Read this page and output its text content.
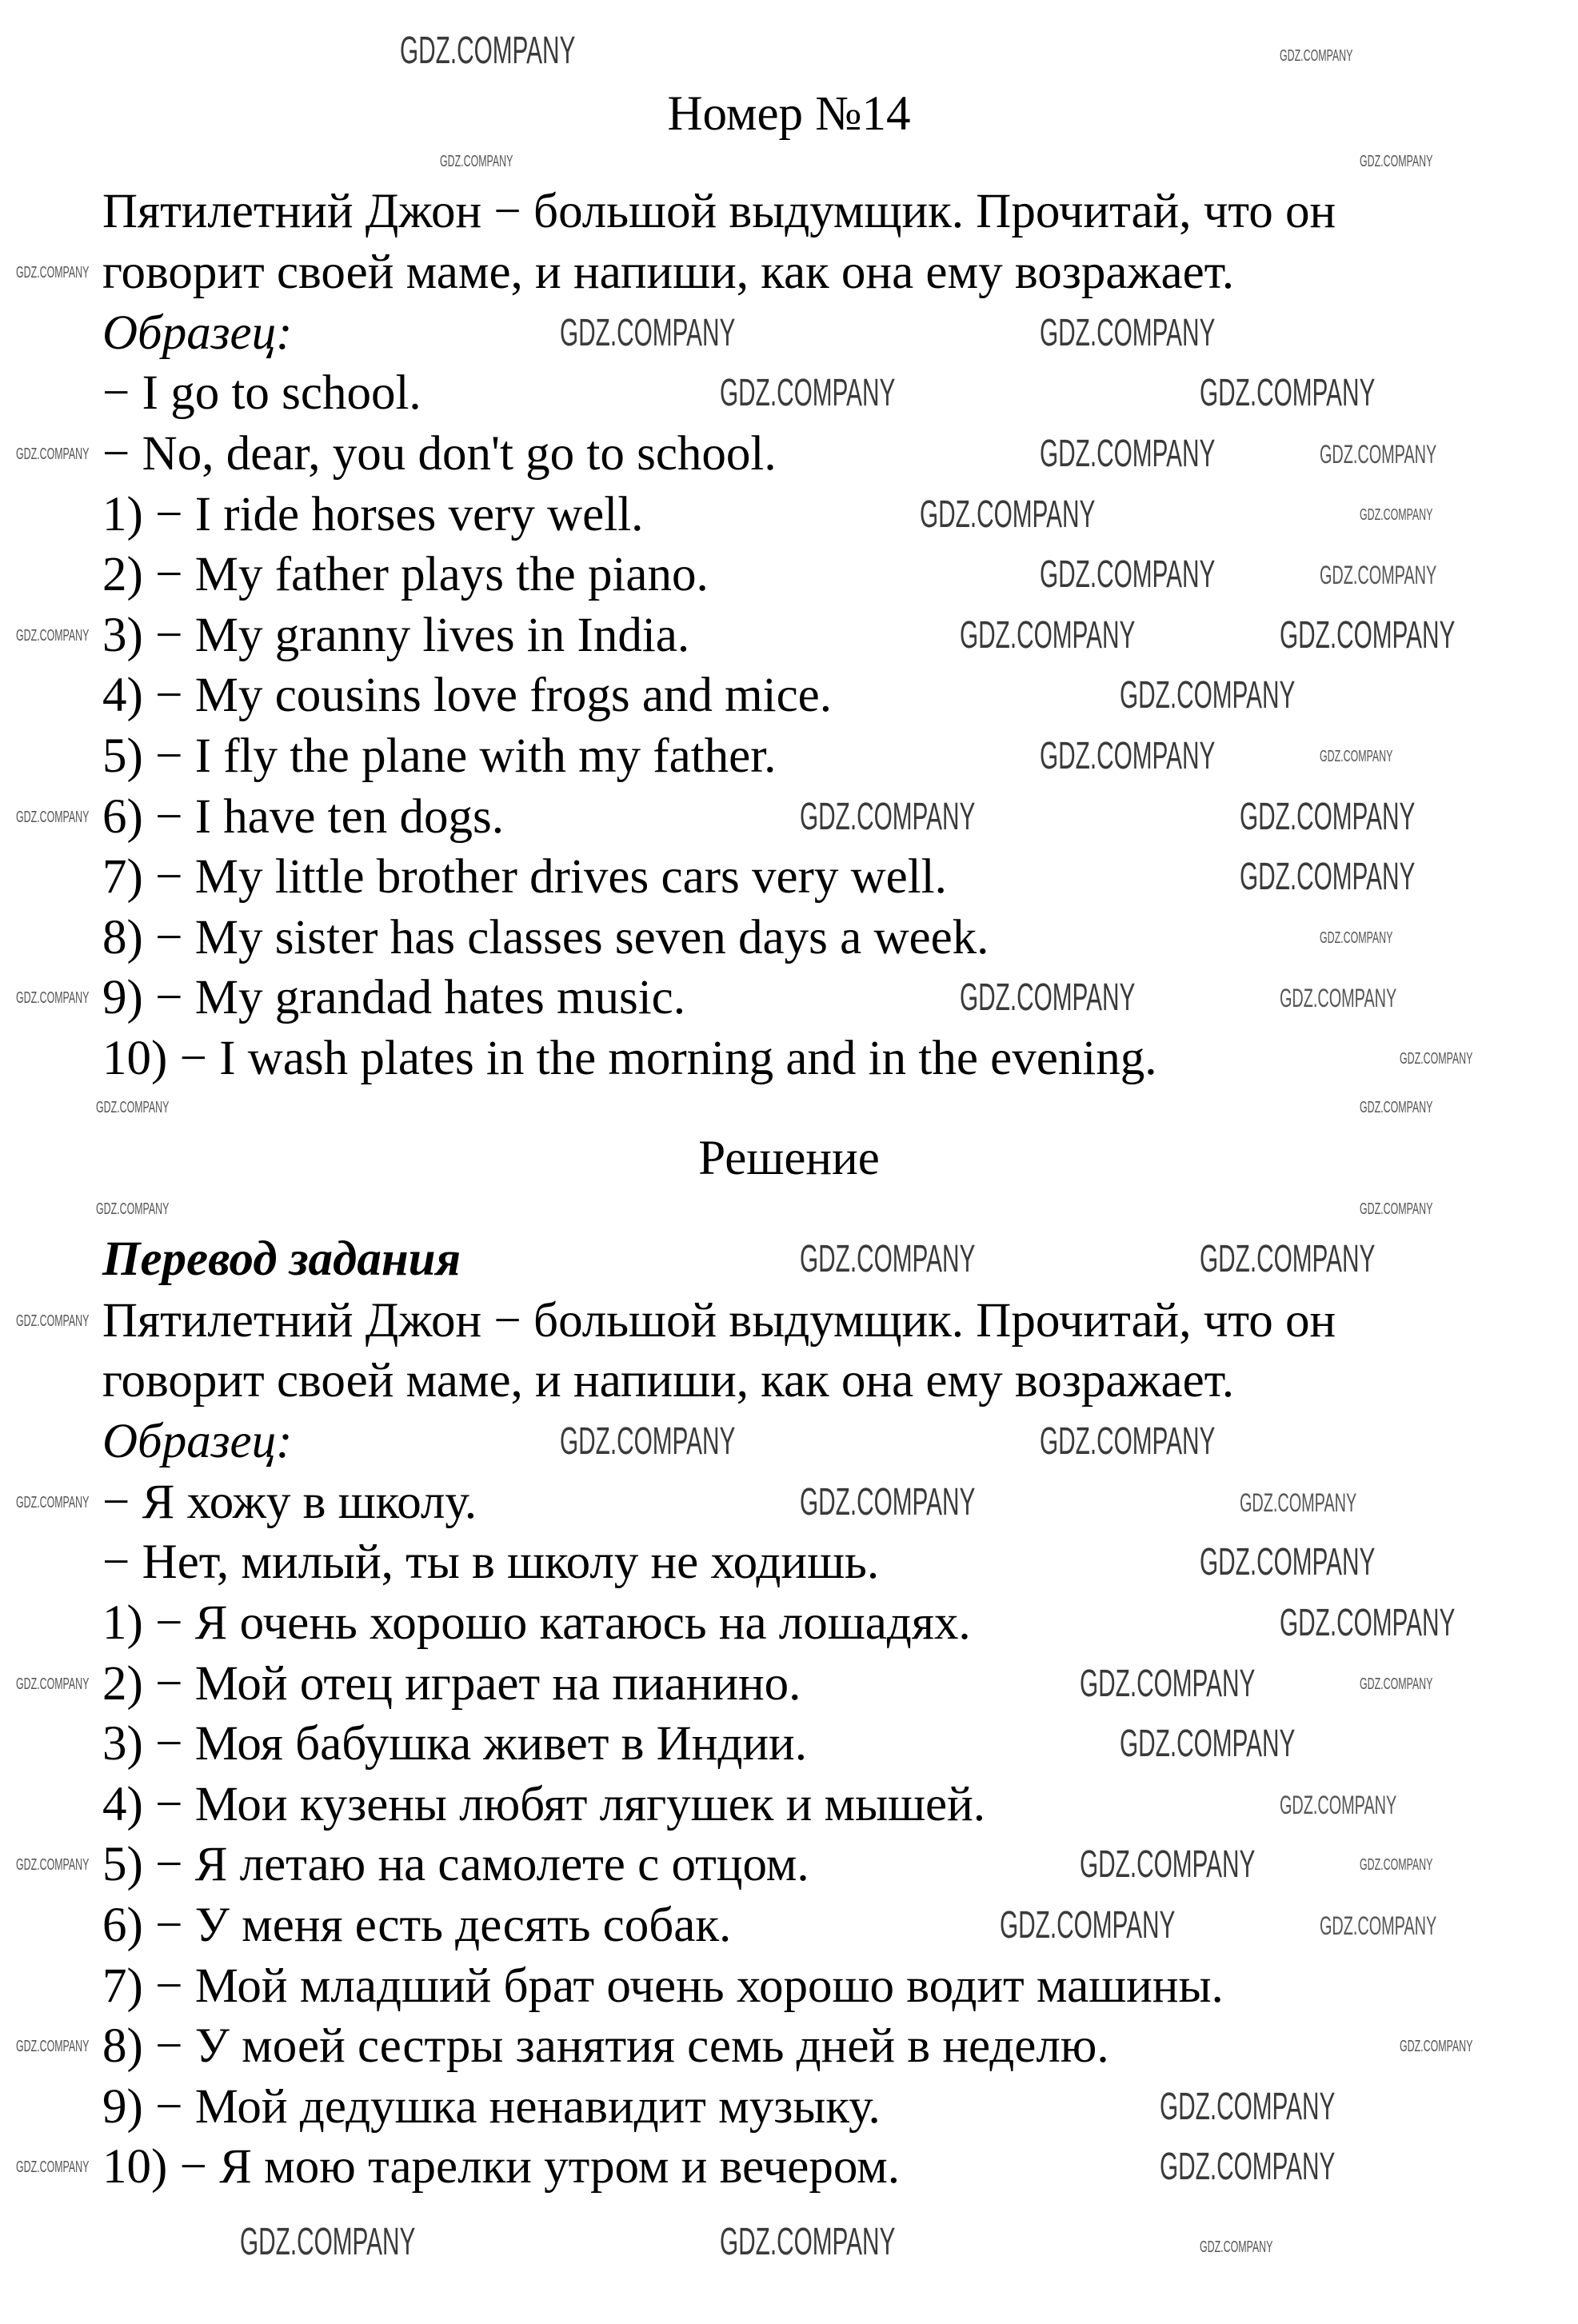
Номер №14
Пятилетний Джон − большой выдумщик. Прочитай, что он
говорит своей маме, и напиши, как она ему возражает.
Образец:
− I go to school.
− No, dear, you don't go to school.
1) − I ride horses very well.
2) − My father plays the piano.
3) − My granny lives in India.
4) − My cousins love frogs and mice.
5) − I fly the plane with my father.
6) − I have ten dogs.
7) − My little brother drives cars very well.
8) − My sister has classes seven days a week.
9) − My grandad hates music.
10) − I wash plates in the morning and in the evening.
Решение
Перевод задания
Пятилетний Джон − большой выдумщик. Прочитай, что он
говорит своей маме, и напиши, как она ему возражает.
Образец:
− Я хожу в школу.
− Нет, милый, ты в школу не ходишь.
1) − Я очень хорошо катаюсь на лошадях.
2) − Мой отец играет на пианино.
3) − Моя бабушка живет в Индии.
4) − Мои кузены любят лягушек и мышей.
5) − Я летаю на самолете с отцом.
6) − У меня есть десять собак.
7) − Мой младший брат очень хорошо водит машины.
8) − У моей сестры занятия семь дней в неделю.
9) − Мой дедушка ненавидит музыку.
10) − Я мою тарелки утром и вечером.
GDZ.COMPANY	GDZ.COMPANY
GDZ.COMPANY	GDZ.COMPANY
GDZ.COMPANY
GDZ.COMPANY	GDZ.COMPANY
GDZ.COMPANY	GDZ.COMPANY
GDZ.COMPANY	GDZ.COMPANY
GDZ.COMPANY
GDZ.COMPANY	GDZ.COMPANY
GDZ.COMPANY	GDZ.COMPANY
GDZ.COMPANY	GDZ.COMPANY
GDZ.COMPANY
GDZ.COMPANY
GDZ.COMPANY	GDZ.COMPANY
GDZ.COMPANY	GDZ.COMPANY
GDZ.COMPANY
GDZ.COMPANY
GDZ.COMPANY
GDZ.COMPANY	GDZ.COMPANY
GDZ.COMPANY
GDZ.COMPANY
GDZ.COMPANY	GDZ.COMPANY
GDZ.COMPANY	GDZ.COMPANY
GDZ.COMPANY	GDZ.COMPANY
GDZ.COMPANY
GDZ.COMPANY	GDZ.COMPANY
GDZ.COMPANY	GDZ.COMPANY
GDZ.COMPANY
GDZ.COMPANY
GDZ.COMPANY
GDZ.COMPANY	GDZ.COMPANY
GDZ.COMPANY
GDZ.COMPANY
GDZ.COMPANY
GDZ.COMPANY	GDZ.COMPANY
GDZ.COMPANY
GDZ.COMPANY	GDZ.COMPANY
GDZ.COMPANY
GDZ.COMPANY
GDZ.COMPANY
GDZ.COMPANY
GDZ.COMPANY
GDZ.COMPANY	GDZ.COMPANY	GDZ.COMPANY
